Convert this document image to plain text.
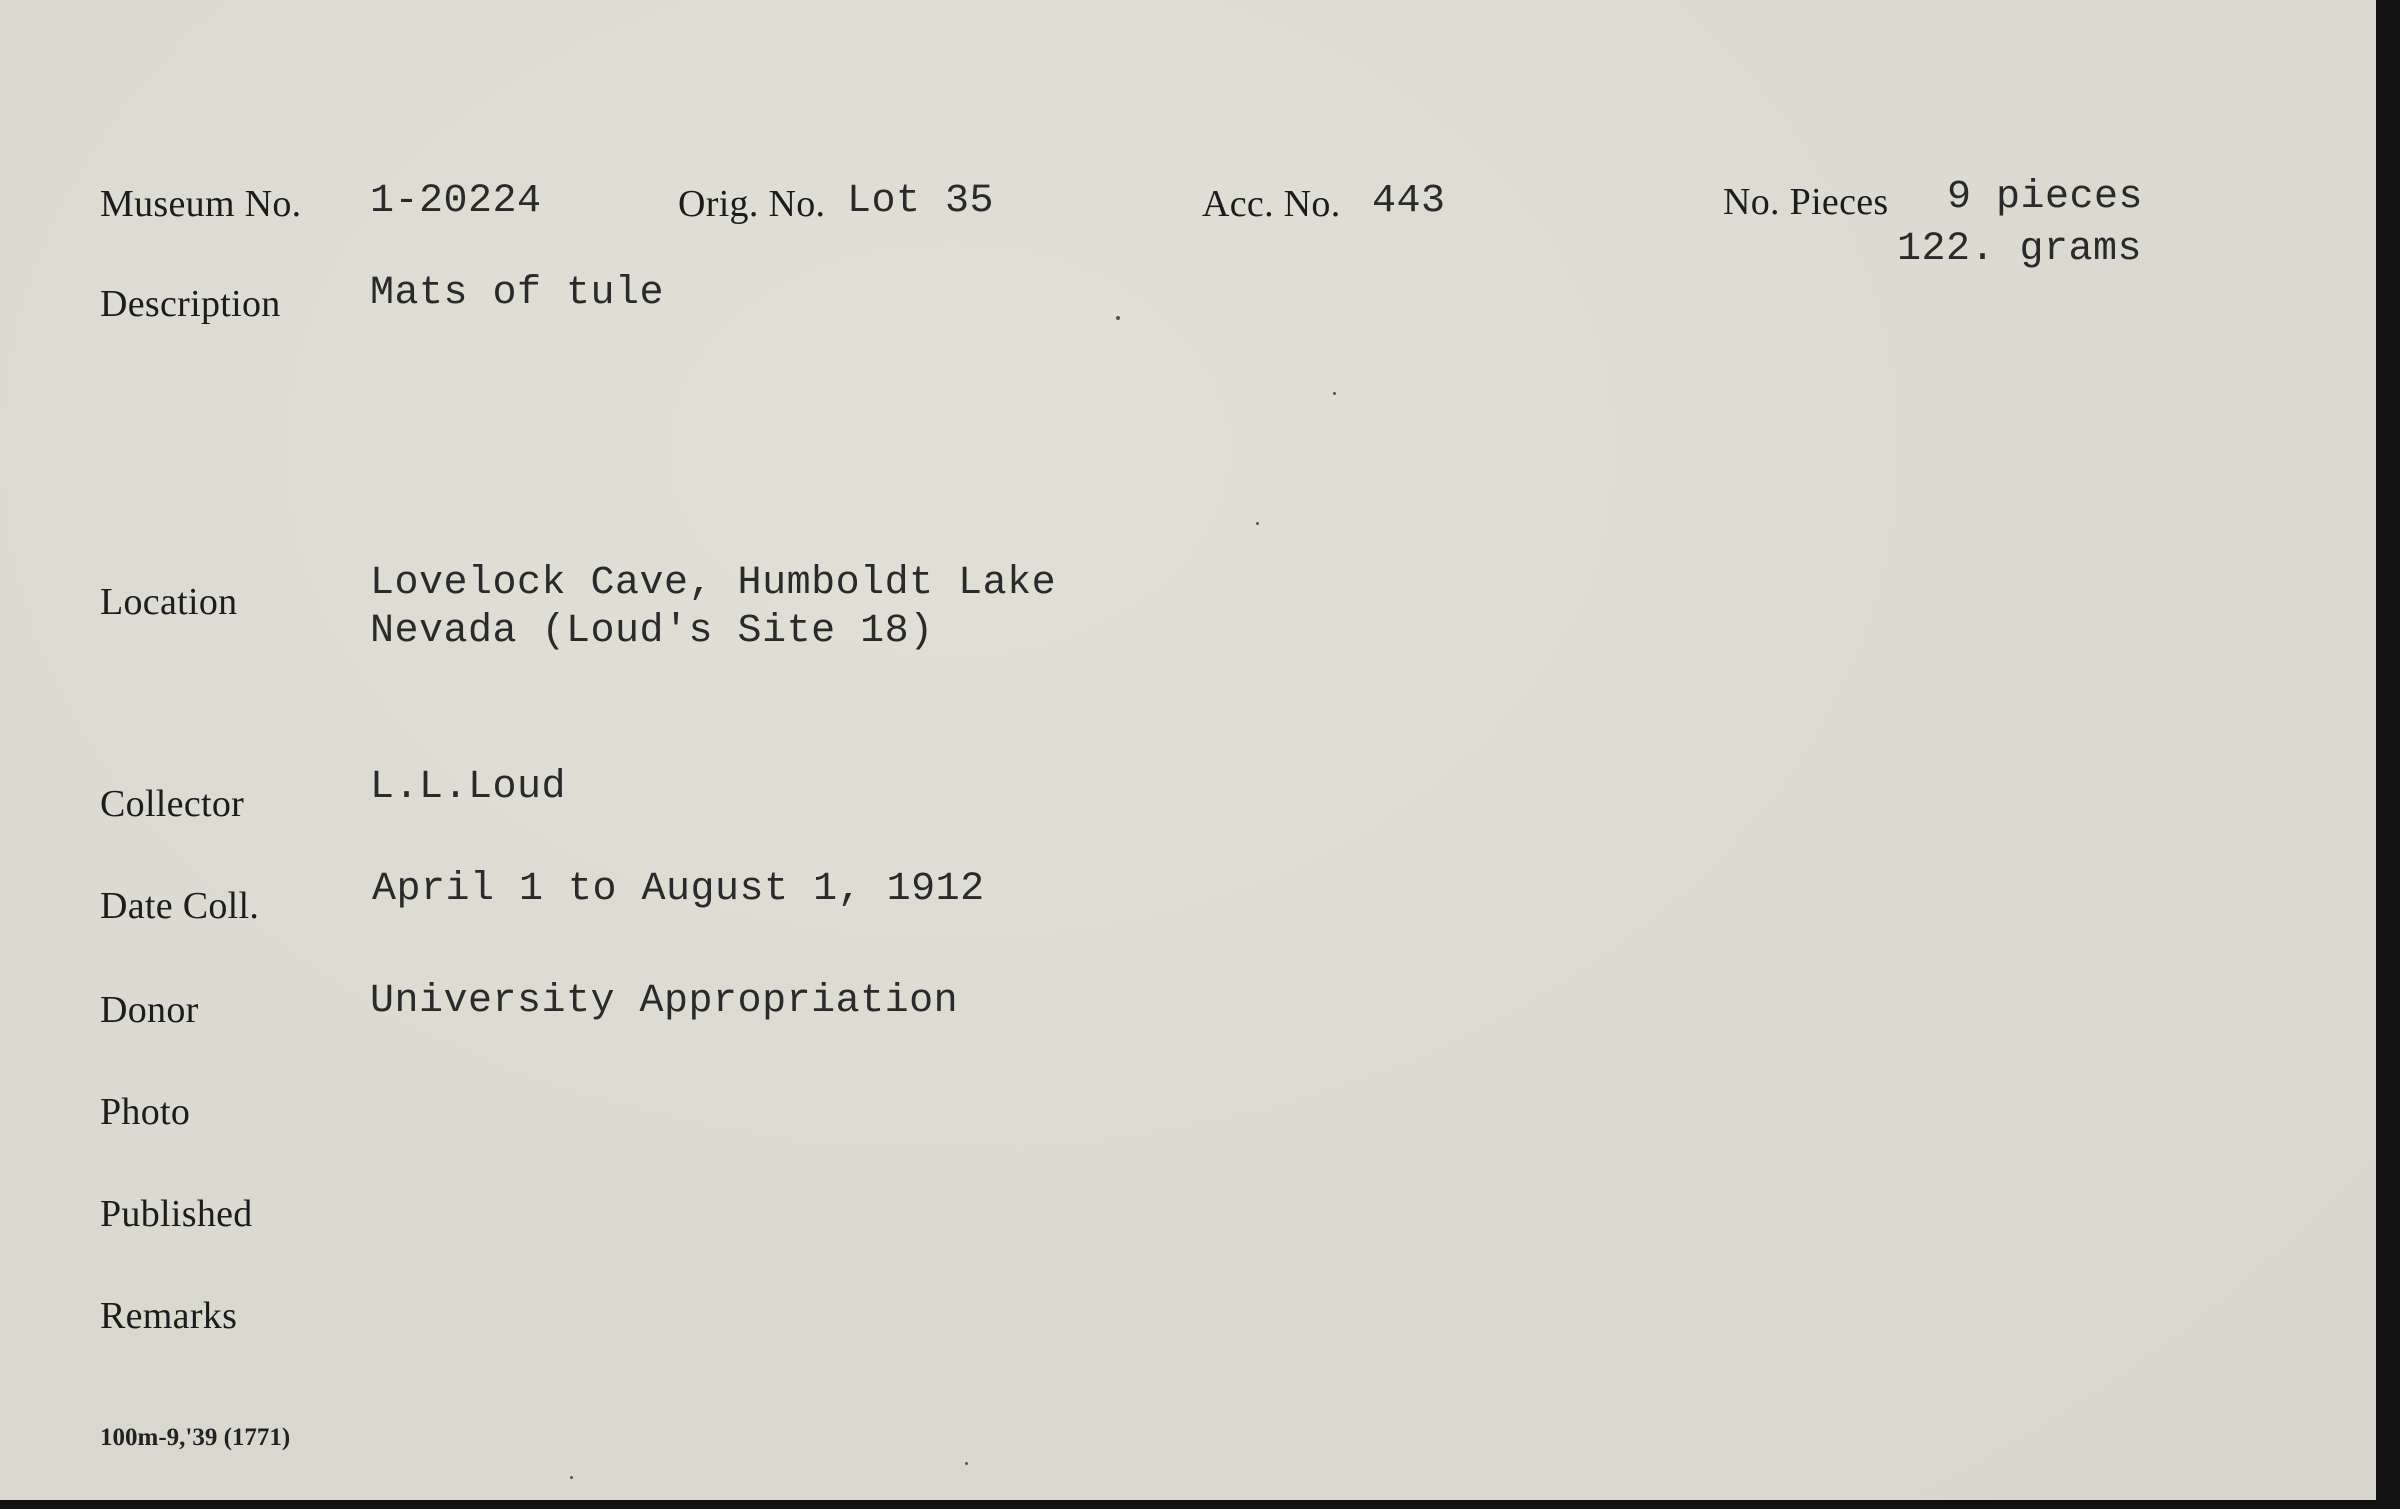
Museum No. 1-20224	Orig. No. Lot 35	Acc. No. 443	No. Pieces 9 pieces
122. grams
Description Mats of tule
Location	Lovelock Cave, Humboldt Lake
Nevada (Loud's Site 18)
Collector	L.L.Loud
Date Coll.	April 1 to August 1, 1912
Donor	University Appropriation
Photo
Published
Remarks
100m-9,'39 (1771)
